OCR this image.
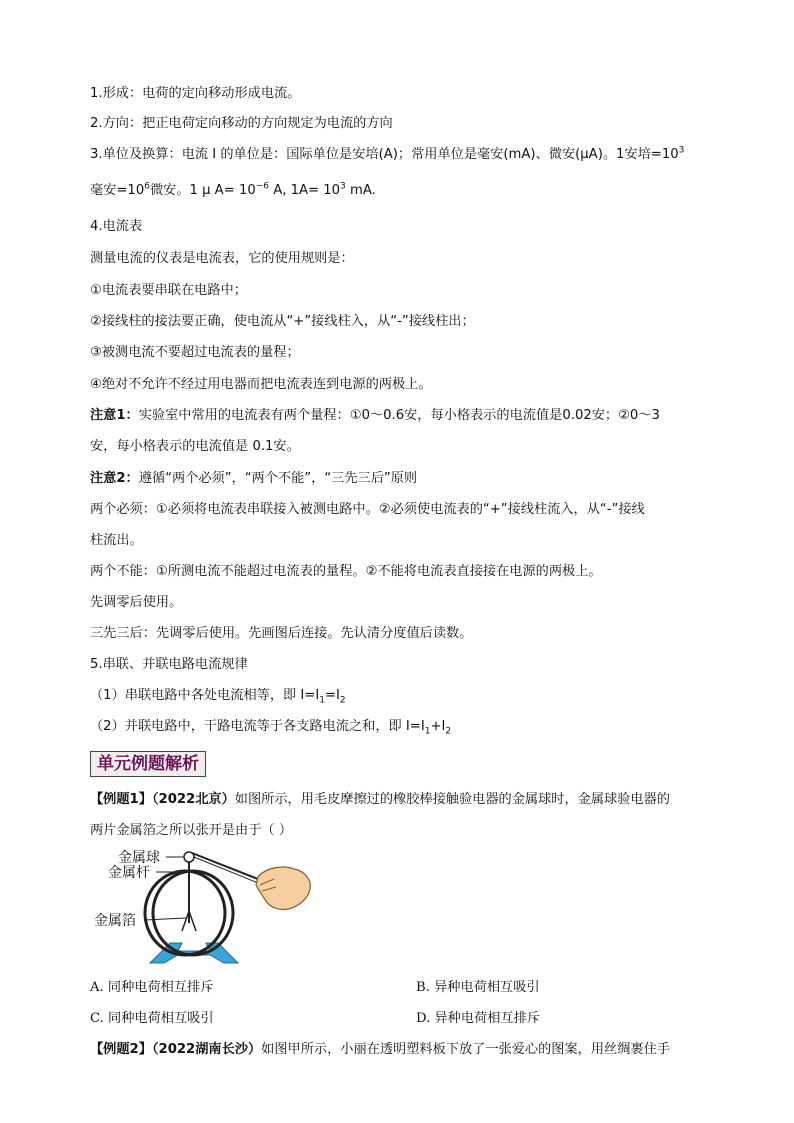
1.形成：电荷的定向移动形成电流。
2.方向：把正电荷定向移动的方向规定为电流的方向
3.单位及换算：电流 I 的单位是：国际单位是安培(A)；常用单位是毫安(mA)、微安(μA)。1安培$=10^3$
毫安$=10^6$微安。1 μ $A= 10^{-6}$ A, $1A= 10^3$ mA.
4.电流表
测量电流的仪表是电流表，它的使用规则是：
①电流表要串联在电路中；
②接线柱的接法要正确，使电流从“+”接线柱入，从“-”接线柱出；
③被测电流不要超过电流表的量程；
④绝对不允许不经过用电器而把电流表连到电源的两极上。
注意1：实验室中常用的电流表有两个量程：①0～0.6安，每小格表示的电流值是0.02安；②0～3
安，每小格表示的电流值是 0.1安。
注意2：遵循“两个必须”，“两个不能”，“三先三后”原则
两个必须：①必须将电流表串联接入被测电路中。②必须使电流表的“+”接线柱流入，从“-”接线
柱流出。
两个不能：①所测电流不能超过电流表的量程。②不能将电流表直接接在电源的两极上。
先调零后使用。
三先三后：先调零后使用。先画图后连接。先认清分度值后读数。
5.串联、并联电路电流规律
（1）串联电路中各处电流相等，即 $I=I_1=I_2$
（2）并联电路中，干路电流等于各支路电流之和，即 $I=I_1+I_2$
单元例题解析
【例题1】（2022北京）如图所示，用毛皮摩擦过的橡胶棒接触验电器的金属球时，金属球验电器的
两片金属箔之所以张开是由于（ ）
金属球
金属杆
金属箔
A. 同种电荷相互排斥	B. 异种电荷相互吸引
C. 同种电荷相互吸引	D. 异种电荷相互排斥
【例题2】（2022湖南长沙）如图甲所示，小丽在透明塑料板下放了一张爱心的图案，用丝绸裹住手
